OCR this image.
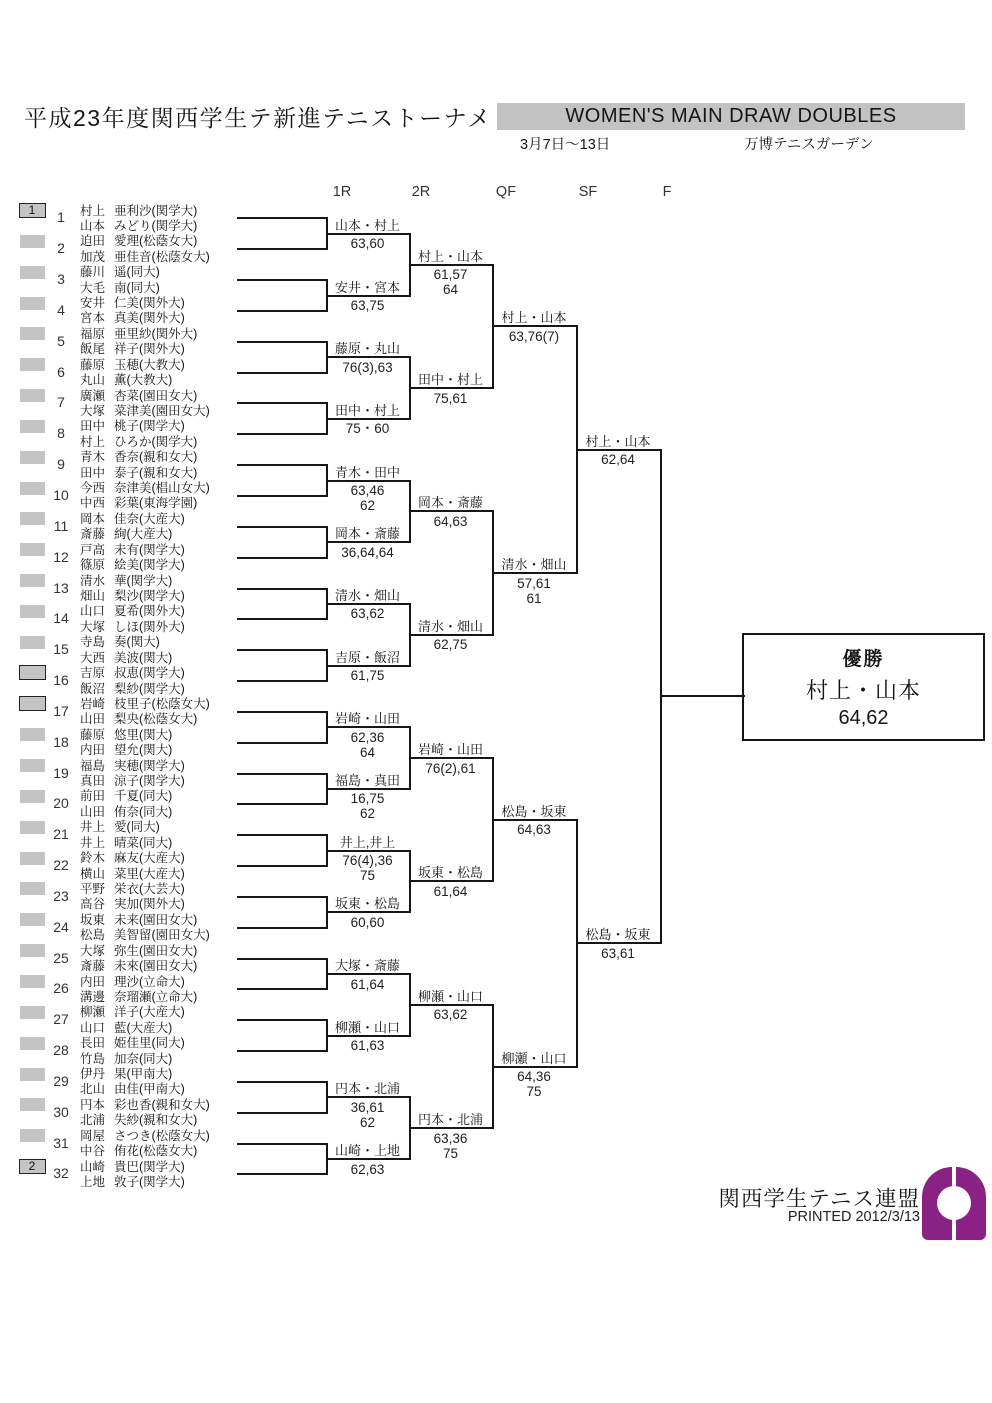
平成23年度関西学生テ新進テニストーナメ	WOMEN'S MAIN DRAW DOUBLES
3月7日～13日	万博テニスガーデン
1R	2R	QF	SF	F
1	1	村上 亜利沙(関学大)
山本 みどり(関学大)
2	迫田 愛理(松蔭女大)
加茂 亜佳音(松蔭女大)
3	藤川 遥(同大)
大毛 南(同大)
4	安井 仁美(関外大)
宮本 真美(関外大)
5	福原 亜里紗(関外大)
飯尾 祥子(関外大)
6	藤原 玉穂(大教大)
丸山 薫(大教大)
7	廣瀬 杏菜(園田女大)
大塚 菜津美(園田女大)
8	田中 桃子(関学大)
村上 ひろか(関学大)
9	青木 香奈(親和女大)
田中 泰子(親和女大)
10 今西 奈津美(椙山女大)
中西 彩葉(東海学園)
11 岡本 佳奈(大産大)
斎藤 絢(大産大)
12 戸高 未有(関学大)
篠原 絵美(関学大)
13 清水 華(関学大)
畑山 梨沙(関学大)
14 山口 夏希(関外大)
大塚 しほ(関外大)
15 寺島 奏(関大)
大西 美波(関大)
16 吉原 叔恵(関学大)
飯沼 梨紗(関学大)
17 岩崎 枝里子(松蔭女大)
山田 梨央(松蔭女大)
18 藤原 悠里(関大)
内田 望允(関大)
19 福島 実穂(関学大)
真田 涼子(関学大)
20 前田 千夏(同大)
山田 侑奈(同大)
21 井上 愛(同大)
井上 晴菜(同大)
22 鈴木 麻友(大産大)
横山 菜里(大産大)
23 平野 栄衣(大芸大)
高谷 実加(関外大)
24 坂東 未来(園田女大)
松島 美智留(園田女大)
25 大塚 弥生(園田女大)
斎藤 未來(園田女大)
26 内田 理沙(立命大)
溝邊 奈瑠瀬(立命大)
27 柳瀬 洋子(大産大)
山口 藍(大産大)
28 長田 姫佳里(同大)
竹島 加奈(同大)
29 伊丹 果(甲南大)
北山 由佳(甲南大)
30 円本 彩也香(親和女大)
北浦 失紗(親和女大)
31 岡屋 さつき(松蔭女大)
中谷 侑花(松蔭女大)
2	32 山崎 貴巴(関学大)
上地 敦子(関学大)
山本・村上
63,60
安井・宮本
63,75
藤原・丸山
76(3),63
田中・村上
75・60
青木・田中
63,46
62
岡本・斎藤
36,64,64
清水・畑山
63,62
吉原・飯沼
61,75
岩崎・山田
62,36
64
福島・真田
16,75
62
井上,井上
76(4),36
75
坂東・松島
60,60
大塚・斎藤
61,64
柳瀬・山口
61,63
円本・北浦
36,61
62
山崎・上地
62,63
村上・山本
61,57
64
田中・村上
75,61
岡本・斎藤
64,63
清水・畑山
62,75
岩崎・山田
76(2),61
坂東・松島
61,64
柳瀬・山口
63,62
円本・北浦
63,36
75
村上・山本
63,76(7)
清水・畑山
57,61
61
松島・坂東
64,63
柳瀬・山口
64,36
75
村上・山本
62,64
松島・坂東
63,61
優勝
村上・山本
64,62
関西学生テニス連盟
PRINTED 2012/3/13
